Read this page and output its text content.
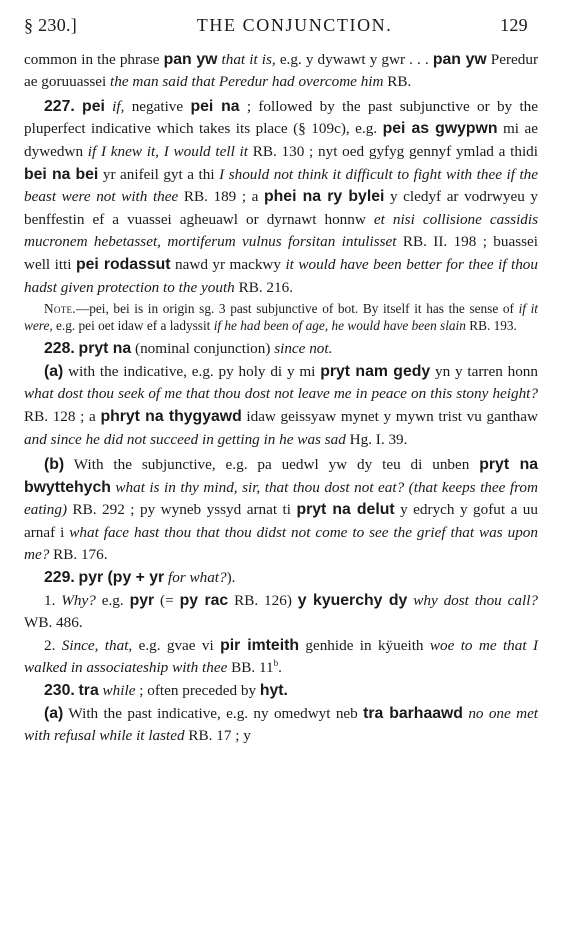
§ 230.]	THE CONJUNCTION.	129

common in the phrase pan yw that it is, e.g. y dywawt y gwr . . . pan yw Peredur ae goruuassei the man said that Peredur had overcome him RB.

227. pei if, negative pei na ; followed by the past subjunctive or by the pluperfect indicative which takes its place (§ 109c), e.g. pei as gwypwn mi ae dywedwn if I knew it, I would tell it RB. 130 ; nyt oed gyfyg gennyf ymlad a thidi bei na bei yr anifeil gyt a thi I should not think it difficult to fight with thee if the beast were not with thee RB. 189 ; a phei na ry bylei y cledyf ar vodrwyeu y benffestin ef a vuassei agheuawl or dyrnawt honnw et nisi collisione cassidis mucronem hebetasset, mortiferum vulnus forsitan intulisset RB. II. 198 ; buassei well itti pei rodassut nawd yr mackwy it would have been better for thee if thou hadst given protection to the youth RB. 216.

Note.—pei, bei is in origin sg. 3 past subjunctive of bot. By itself it has the sense of if it were, e.g. pei oet idaw ef a ladyssit if he had been of age, he would have been slain RB. 193.

228. pryt na (nominal conjunction) since not.

(a) with the indicative, e.g. py holy di y mi pryt nam gedy yn y tarren honn what dost thou seek of me that thou dost not leave me in peace on this stony height? RB. 128 ; a phryt na thygyawd idaw geissyaw mynet y mywn trist vu ganthaw and since he did not succeed in getting in he was sad Hg. I. 39.

(b) With the subjunctive, e.g. pa uedwl yw dy teu di unben pryt na bwyttehych what is in thy mind, sir, that thou dost not eat? (that keeps thee from eating) RB. 292 ; py wyneb yssyd arnat ti pryt na delut y edrych y gofut a uu arnaf i what face hast thou that thou didst not come to see the grief that was upon me? RB. 176.

229. pyr (py + yr for what?).

1. Why? e.g. pyr (= py rac RB. 126) y kyuerchy dy why dost thou call? WB. 486.

2. Since, that, e.g. gvae vi pir imteith genhide in kÿueith woe to me that I walked in associateship with thee BB. 11$^b$.

230. tra while ; often preceded by hyt.

(a) With the past indicative, e.g. ny omedwyt neb tra barhaawd no one met with refusal while it lasted RB. 17 ; y
